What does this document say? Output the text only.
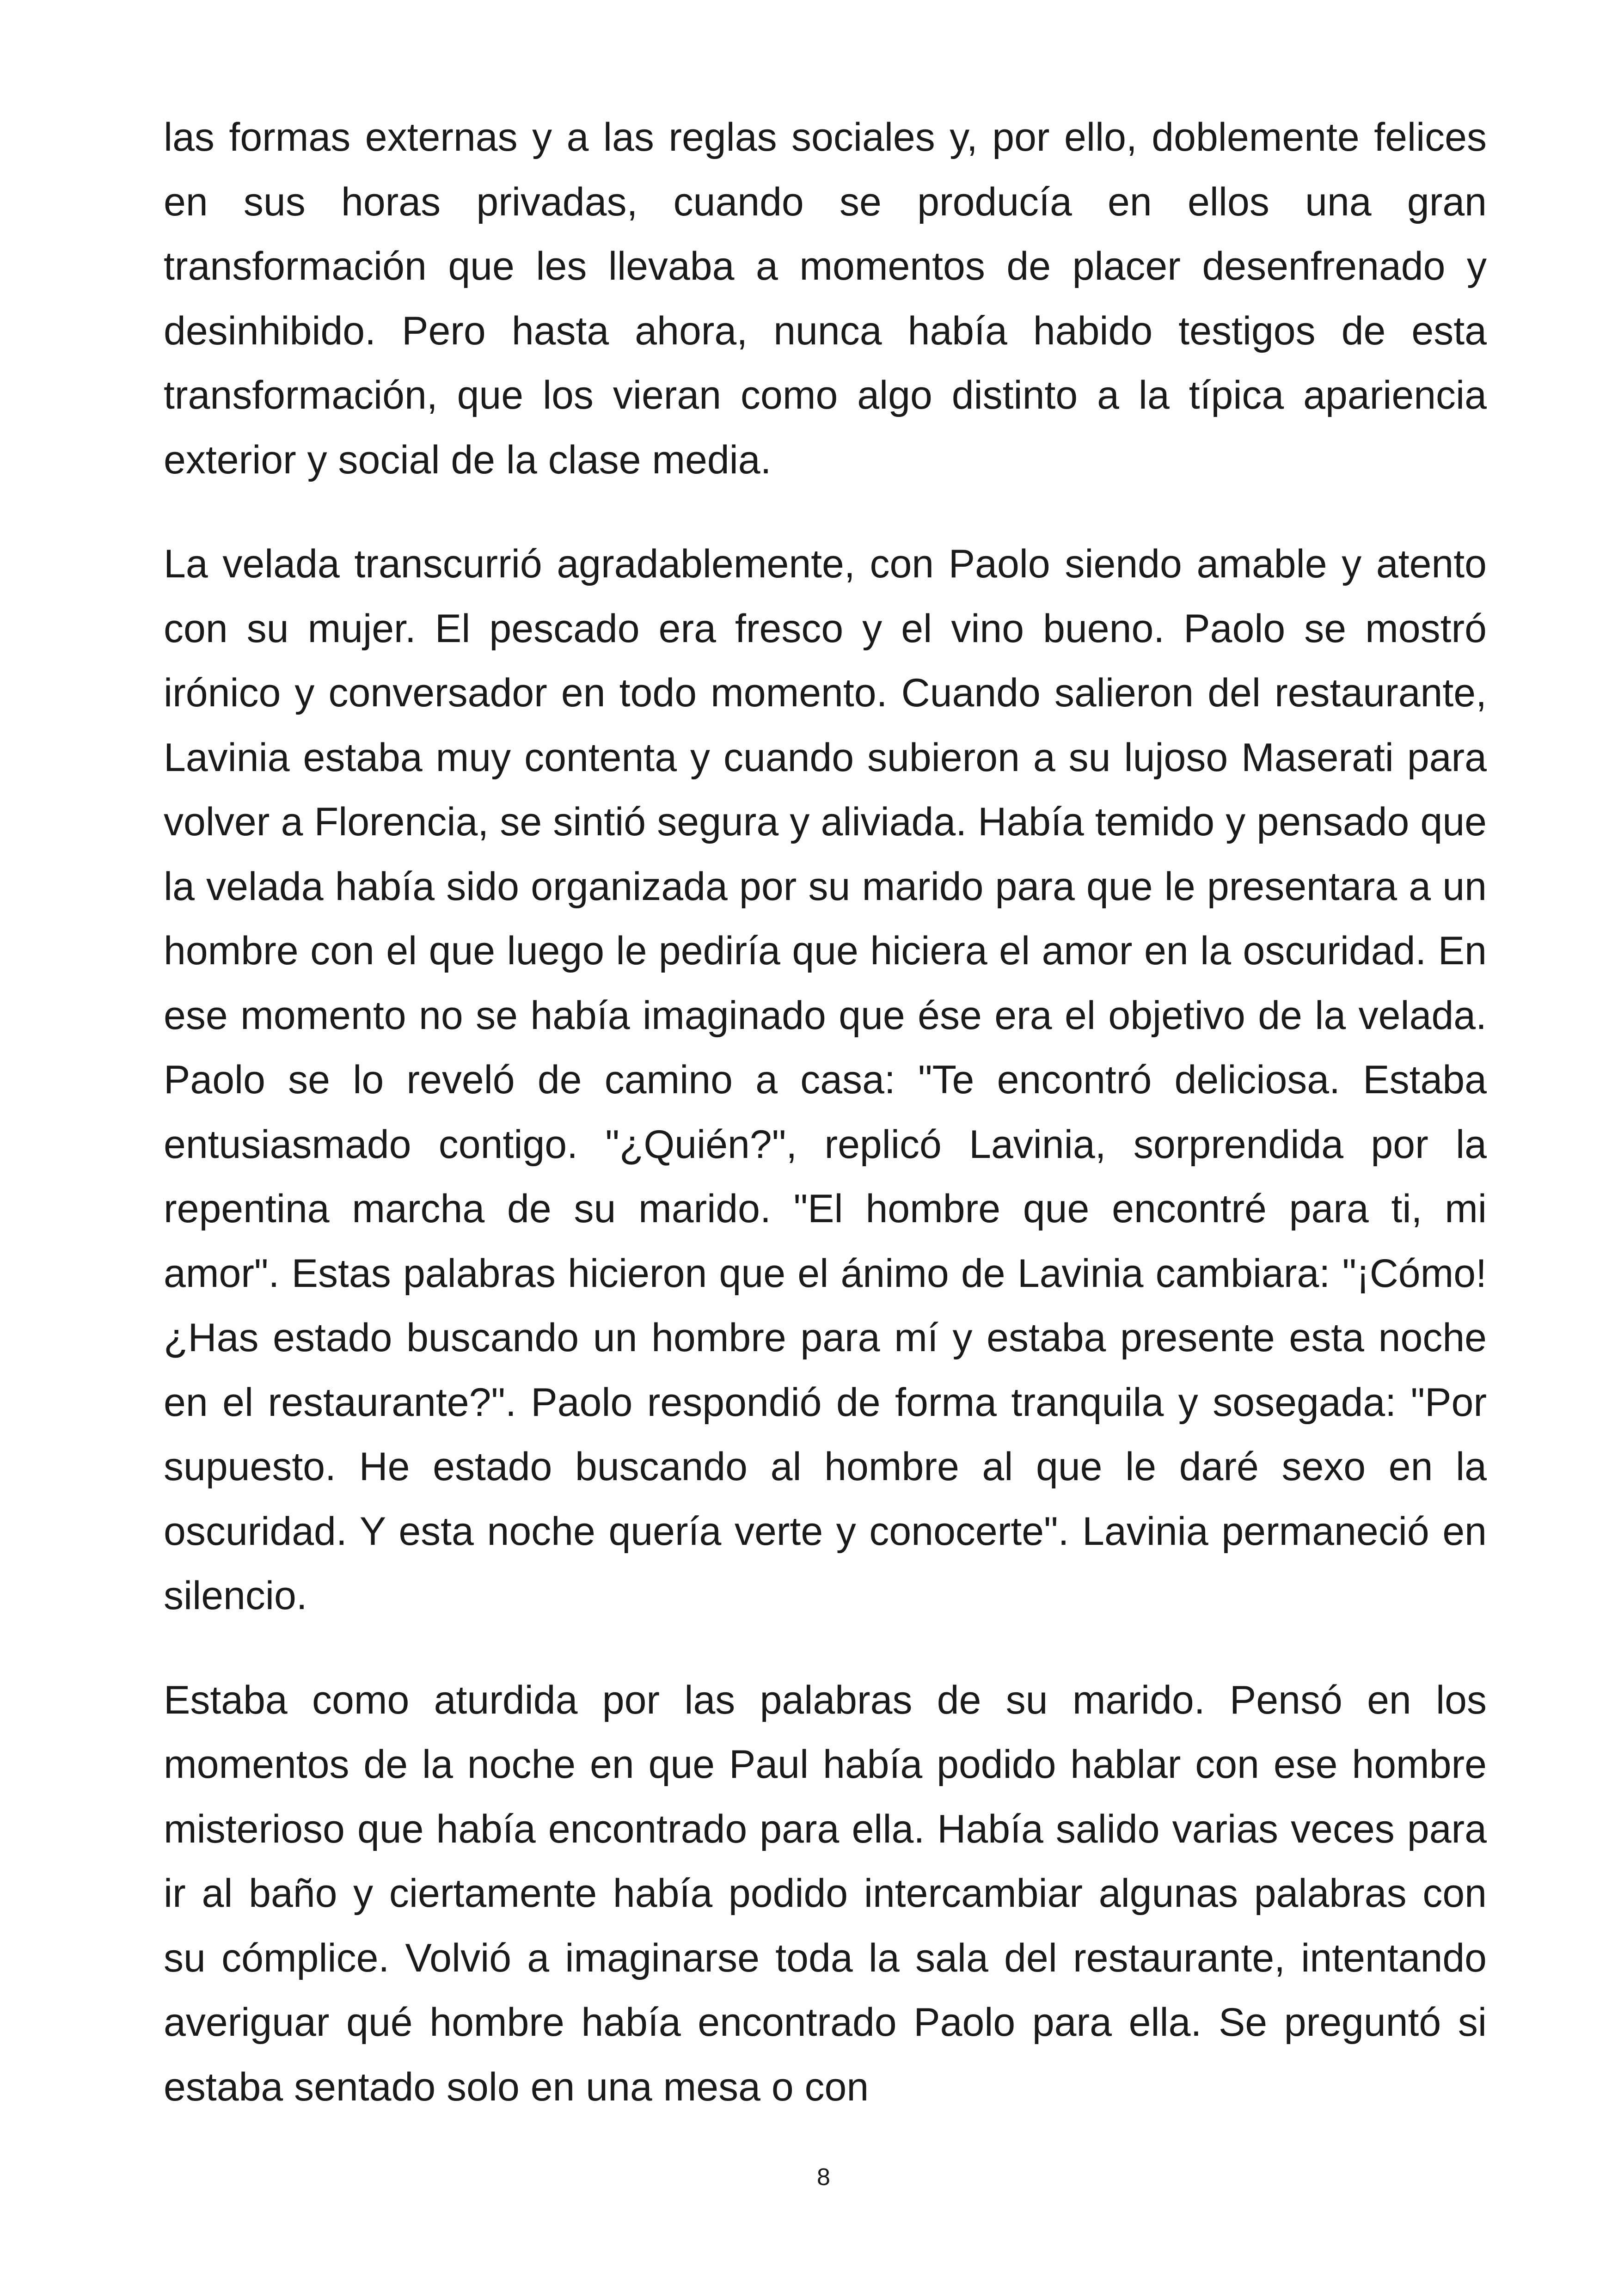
las formas externas y a las reglas sociales y, por ello, doblemente felices en sus horas privadas, cuando se producía en ellos una gran transformación que les llevaba a momentos de placer desenfrenado y desinhibido. Pero hasta ahora, nunca había habido testigos de esta transformación, que los vieran como algo distinto a la típica apariencia exterior y social de la clase media.

La velada transcurrió agradablemente, con Paolo siendo amable y atento con su mujer. El pescado era fresco y el vino bueno. Paolo se mostró irónico y conversador en todo momento. Cuando salieron del restaurante, Lavinia estaba muy contenta y cuando subieron a su lujoso Maserati para volver a Florencia, se sintió segura y aliviada. Había temido y pensado que la velada había sido organizada por su marido para que le presentara a un hombre con el que luego le pediría que hiciera el amor en la oscuridad. En ese momento no se había imaginado que ése era el objetivo de la velada. Paolo se lo reveló de camino a casa: "Te encontró deliciosa. Estaba entusiasmado contigo. "¿Quién?", replicó Lavinia, sorprendida por la repentina marcha de su marido. "El hombre que encontré para ti, mi amor". Estas palabras hicieron que el ánimo de Lavinia cambiara: "¡Cómo! ¿Has estado buscando un hombre para mí y estaba presente esta noche en el restaurante?". Paolo respondió de forma tranquila y sosegada: "Por supuesto. He estado buscando al hombre al que le daré sexo en la oscuridad. Y esta noche quería verte y conocerte". Lavinia permaneció en silencio.

Estaba como aturdida por las palabras de su marido. Pensó en los momentos de la noche en que Paul había podido hablar con ese hombre misterioso que había encontrado para ella. Había salido varias veces para ir al baño y ciertamente había podido intercambiar algunas palabras con su cómplice. Volvió a imaginarse toda la sala del restaurante, intentando averiguar qué hombre había encontrado Paolo para ella. Se preguntó si estaba sentado solo en una mesa o con

8
